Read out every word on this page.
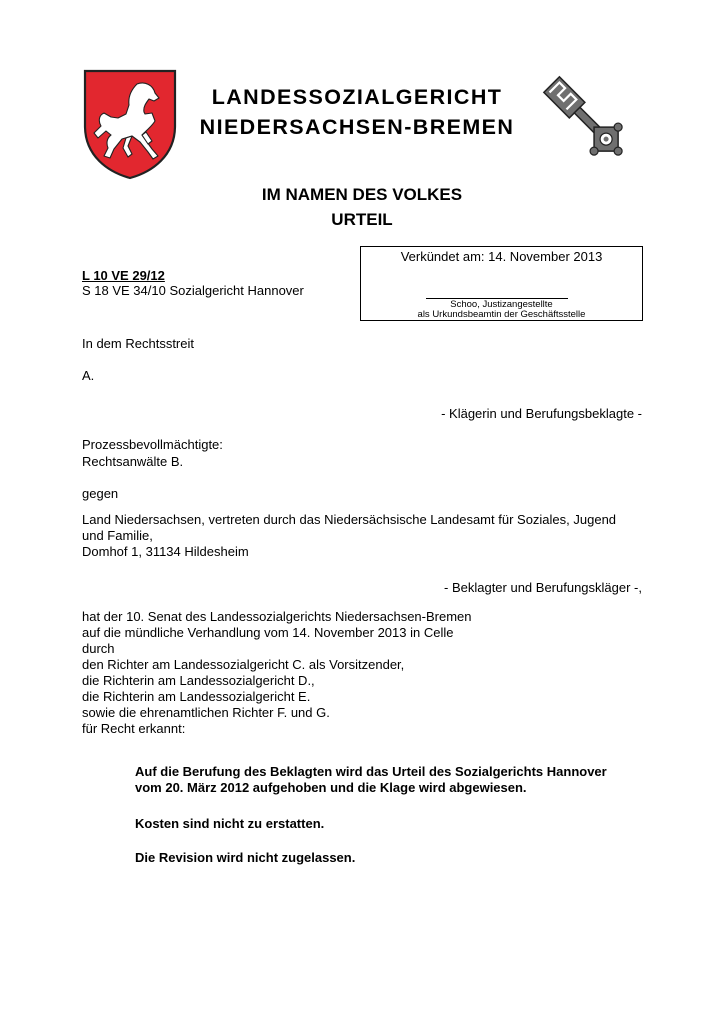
LANDESSOZIALGERICHT
NIEDERSACHSEN-BREMEN
IM NAMEN DES VOLKES
URTEIL
Verkündet am: 14. November 2013
Schoo, Justizangestellte
als Urkundsbeamtin der Geschäftsstelle
L 10 VE 29/12
S 18 VE 34/10 Sozialgericht Hannover
In dem Rechtsstreit
A.
- Klägerin und Berufungsbeklagte -
Prozessbevollmächtigte:
Rechtsanwälte B.
gegen
Land Niedersachsen, vertreten durch das Niedersächsische Landesamt für Soziales, Jugend
und Familie,
Domhof 1, 31134 Hildesheim
- Beklagter und Berufungskläger -,
hat der 10. Senat des Landessozialgerichts Niedersachsen-Bremen
auf die mündliche Verhandlung vom 14. November 2013 in Celle
durch
den Richter am Landessozialgericht C. als Vorsitzender,
die Richterin am Landessozialgericht D.,
die Richterin am Landessozialgericht E.
sowie die ehrenamtlichen Richter F. und G.
für Recht erkannt:
Auf die Berufung des Beklagten wird das Urteil des Sozialgerichts Hannover
vom 20. März 2012 aufgehoben und die Klage wird abgewiesen.
Kosten sind nicht zu erstatten.
Die Revision wird nicht zugelassen.
